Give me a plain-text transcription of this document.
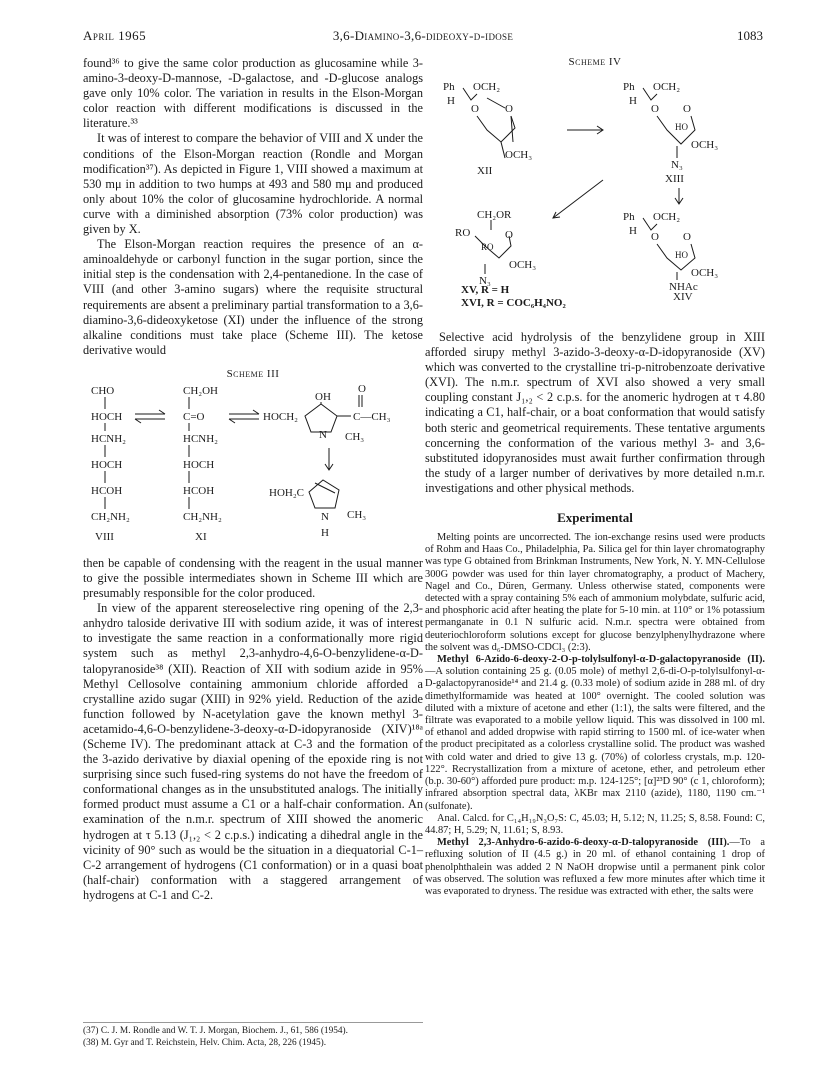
April 1965	3,6-Diamino-3,6-dideoxy-d-idose	1083

found³⁶ to give the same color production as glucosamine while 3-amino-3-deoxy-D-mannose, -D-galactose, and -D-glucose analogs gave only 10% color. The variation in results in the Elson-Morgan color reaction with different modifications is discussed in the literature.³³

It was of interest to compare the behavior of VIII and X under the conditions of the Elson-Morgan reaction (Rondle and Morgan modification³⁷). As depicted in Figure 1, VIII showed a maximum at 530 mμ in addition to two humps at 493 and 580 mμ and produced only about 10% the color of glucosamine hydrochloride. A normal curve with a diminished absorption (73% color production) was given by X.

The Elson-Morgan reaction requires the presence of an α-aminoaldehyde or carbonyl function in the sugar portion, since the initial step is the condensation with 2,4-pentanedione. In the case of VIII (and other 3-amino sugars) where the requisite structural requirements are absent a preliminary partial transformation to a 3,6-diamino-3,6-dideoxyketose (XI) under the influence of the strong alkaline conditions must take place (Scheme III). The ketose derivative would

Scheme III

CHO
HOCH
HCNH₂
HOCH
HCOH
CH₂NH₂
VIII
CH₂OH
C=O
HCNH₂
HOCH
HCOH
CH₂NH₂
XI
OH
O
HOCH₂	C—CH₃
N CH₃
HOH₂C
N CH₃
H

then be capable of condensing with the reagent in the usual manner to give the possible intermediates shown in Scheme III which are presumably responsible for the color produced.

In view of the apparent stereoselective ring opening of the 2,3-anhydro taloside derivative III with sodium azide, it was of interest to investigate the same reaction in a conformationally more rigid system such as methyl 2,3-anhydro-4,6-O-benzylidene-α-D-talopyranoside³⁸ (XII). Reaction of XII with sodium azide in 95% Methyl Cellosolve containing ammonium chloride afforded a crystalline azido sugar (XIII) in 92% yield. Reduction of the azide function followed by N-acetylation gave the known methyl 3-acetamido-4,6-O-benzylidene-3-deoxy-α-D-idopyranoside (XIV)¹⁸ᵃ (Scheme IV). The predominant attack at C-3 and the formation of the 3-azido derivative by diaxial opening of the epoxide ring is not surprising since such fused-ring systems do not have the freedom of conformational changes as in the unsubstituted analogs. The initially formed product must assume a C1 or a half-chair conformation. An examination of the n.m.r. spectrum of XIII showed the anomeric hydrogen at τ 5.13 (J₁,₂ < 2 c.p.s.) indicating a dihedral angle in the vicinity of 90° such as would be the situation in a diequatorial C-1–C-2 arrangement of hydrogens (C1 conformation) or in a quasi boat (half-chair) conformation with a staggered arrangement of hydrogens at C-1 and C-2.

Scheme IV

Ph OCH₂
H
O O
OCH₃
XII
Ph OCH₂
H
O O
HO
OCH₃
N₃
XIII
CH₂OR
RO	O
RO
OCH₃
N₃
Ph OCH₂
H O O
HO
OCH₃
NHAc
XIV
XV, R = H
XVI, R = COC₆H₄NO₂

Selective acid hydrolysis of the benzylidene group in XIII afforded sirupy methyl 3-azido-3-deoxy-α-D-idopyranoside (XV) which was converted to the crystalline tri-p-nitrobenzoate derivative (XVI). The n.m.r. spectrum of XVI also showed a very small coupling constant J₁,₂ < 2 c.p.s. for the anomeric hydrogen at τ 4.80 indicating a C1, half-chair, or a boat conformation that would satisfy both steric and geometrical requirements. These tentative arguments concerning the conformation of the various methyl 3- and 3,6-substituted idopyranosides must await further confirmation through the study of a larger number of derivatives by more detailed n.m.r. investigations and other physical methods.

Experimental

Melting points are uncorrected. The ion-exchange resins used were products of Rohm and Haas Co., Philadelphia, Pa. Silica gel for thin layer chromatography was type G obtained from Brinkman Instruments, New York, N. Y. MN-Cellulose 300G powder was used for thin layer chromatography, a product of Machery, Nagel and Co., Düren, Germany. Unless otherwise stated, components were detected with a spray containing 5% each of ammonium molybdate, sulfuric acid, and phosphoric acid after heating the plate for 5-10 min. at 110° or 1% potassium permanganate in 0.1 N sulfuric acid. N.m.r. spectra were obtained from deuteriochloroform solutions except for glucose benzylphenylhydrazone where the solvent was d₆-DMSO-CDCl₃ (2:3).

Methyl 6-Azido-6-deoxy-2-O-p-tolylsulfonyl-α-D-galactopyranoside (II).—A solution containing 25 g. (0.05 mole) of methyl 2,6-di-O-p-tolylsulfonyl-α-D-galactopyranoside¹⁴ and 21.4 g. (0.33 mole) of sodium azide in 288 ml. of dry dimethylformamide was heated at 100° overnight. The cooled solution was diluted with a mixture of acetone and ether (1:1), the salts were filtered, and the filtrate was evaporated to a mobile yellow liquid. This was dissolved in 100 ml. of ethanol and added dropwise with rapid stirring to 1500 ml. of ice-water when the product precipitated as a colorless crystalline solid. The product was washed with cold water and dried to give 13 g. (70%) of colorless crystals, m.p. 120-122°. Recrystallization from a mixture of acetone, ether, and petroleum ether (b.p. 30-60°) afforded pure product: m.p. 124-125°; [α]²³D 90° (c 1, chloroform); infrared absorption spectral data, λKBr max 2110 (azide), 1180, 1190 cm.⁻¹ (sulfonate).

Anal. Calcd. for C₁₄H₁₉N₃O₇S: C, 45.03; H, 5.12; N, 11.25; S, 8.58. Found: C, 44.87; H, 5.29; N, 11.61; S, 8.93.

Methyl 2,3-Anhydro-6-azido-6-deoxy-α-D-talopyranoside (III).—To a refluxing solution of II (4.5 g.) in 20 ml. of ethanol containing 1 drop of phenolphthalein was added 2 N NaOH dropwise until a permanent pink color was observed. The solution was refluxed a few more minutes after which time it was evaporated to dryness. The residue was extracted with ether, the salts were

(37) C. J. M. Rondle and W. T. J. Morgan, Biochem. J., 61, 586 (1954).

(38) M. Gyr and T. Reichstein, Helv. Chim. Acta, 28, 226 (1945).
